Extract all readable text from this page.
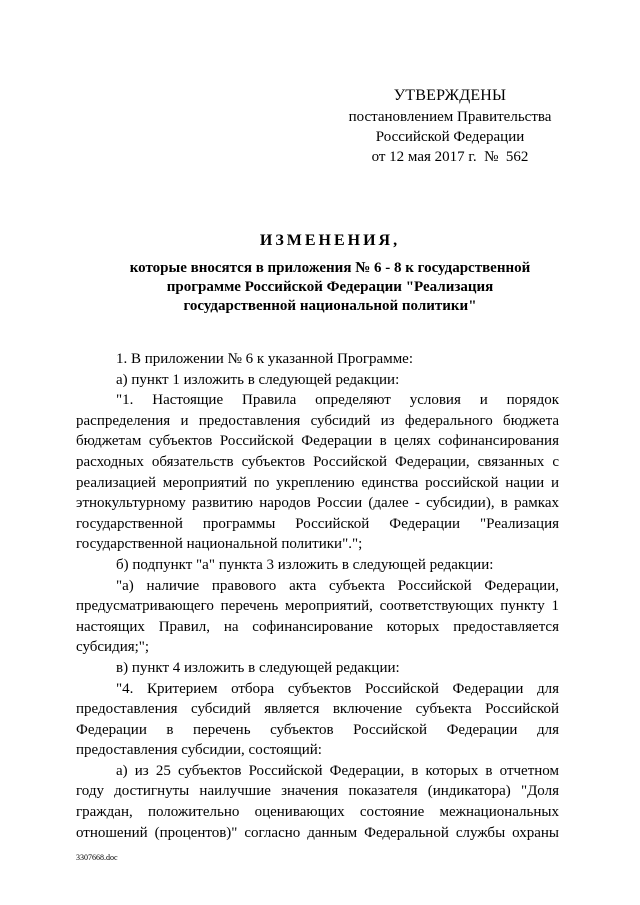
УТВЕРЖДЕНЫ
постановлением Правительства
Российской Федерации
от 12 мая 2017 г.  №  562
ИЗМЕНЕНИЯ,
которые вносятся в приложения № 6 - 8 к государственной
программе Российской Федерации "Реализация
государственной национальной политики"
1. В приложении № 6 к указанной Программе:
а) пункт 1 изложить в следующей редакции:
"1. Настоящие Правила определяют условия и порядок
распределения и предоставления субсидий из федерального бюджета
бюджетам субъектов Российской Федерации в целях софинансирования
расходных обязательств субъектов Российской Федерации, связанных с
реализацией мероприятий по укреплению единства российской нации и
этнокультурному развитию народов России (далее - субсидии), в рамках
государственной программы Российской Федерации "Реализация
государственной национальной политики".";
б) подпункт "а" пункта 3 изложить в следующей редакции:
"а) наличие правового акта субъекта Российской Федерации,
предусматривающего перечень мероприятий, соответствующих пункту 1
настоящих Правил, на софинансирование которых предоставляется
субсидия;";
в) пункт 4 изложить в следующей редакции:
"4. Критерием отбора субъектов Российской Федерации для
предоставления субсидий является включение субъекта Российской
Федерации в перечень субъектов Российской Федерации для
предоставления субсидии, состоящий:
а) из 25 субъектов Российской Федерации, в которых в отчетном
году достигнуты наилучшие значения показателя (индикатора) "Доля
граждан, положительно оценивающих состояние межнациональных
отношений (процентов)" согласно данным Федеральной службы охраны
3307668.doc
